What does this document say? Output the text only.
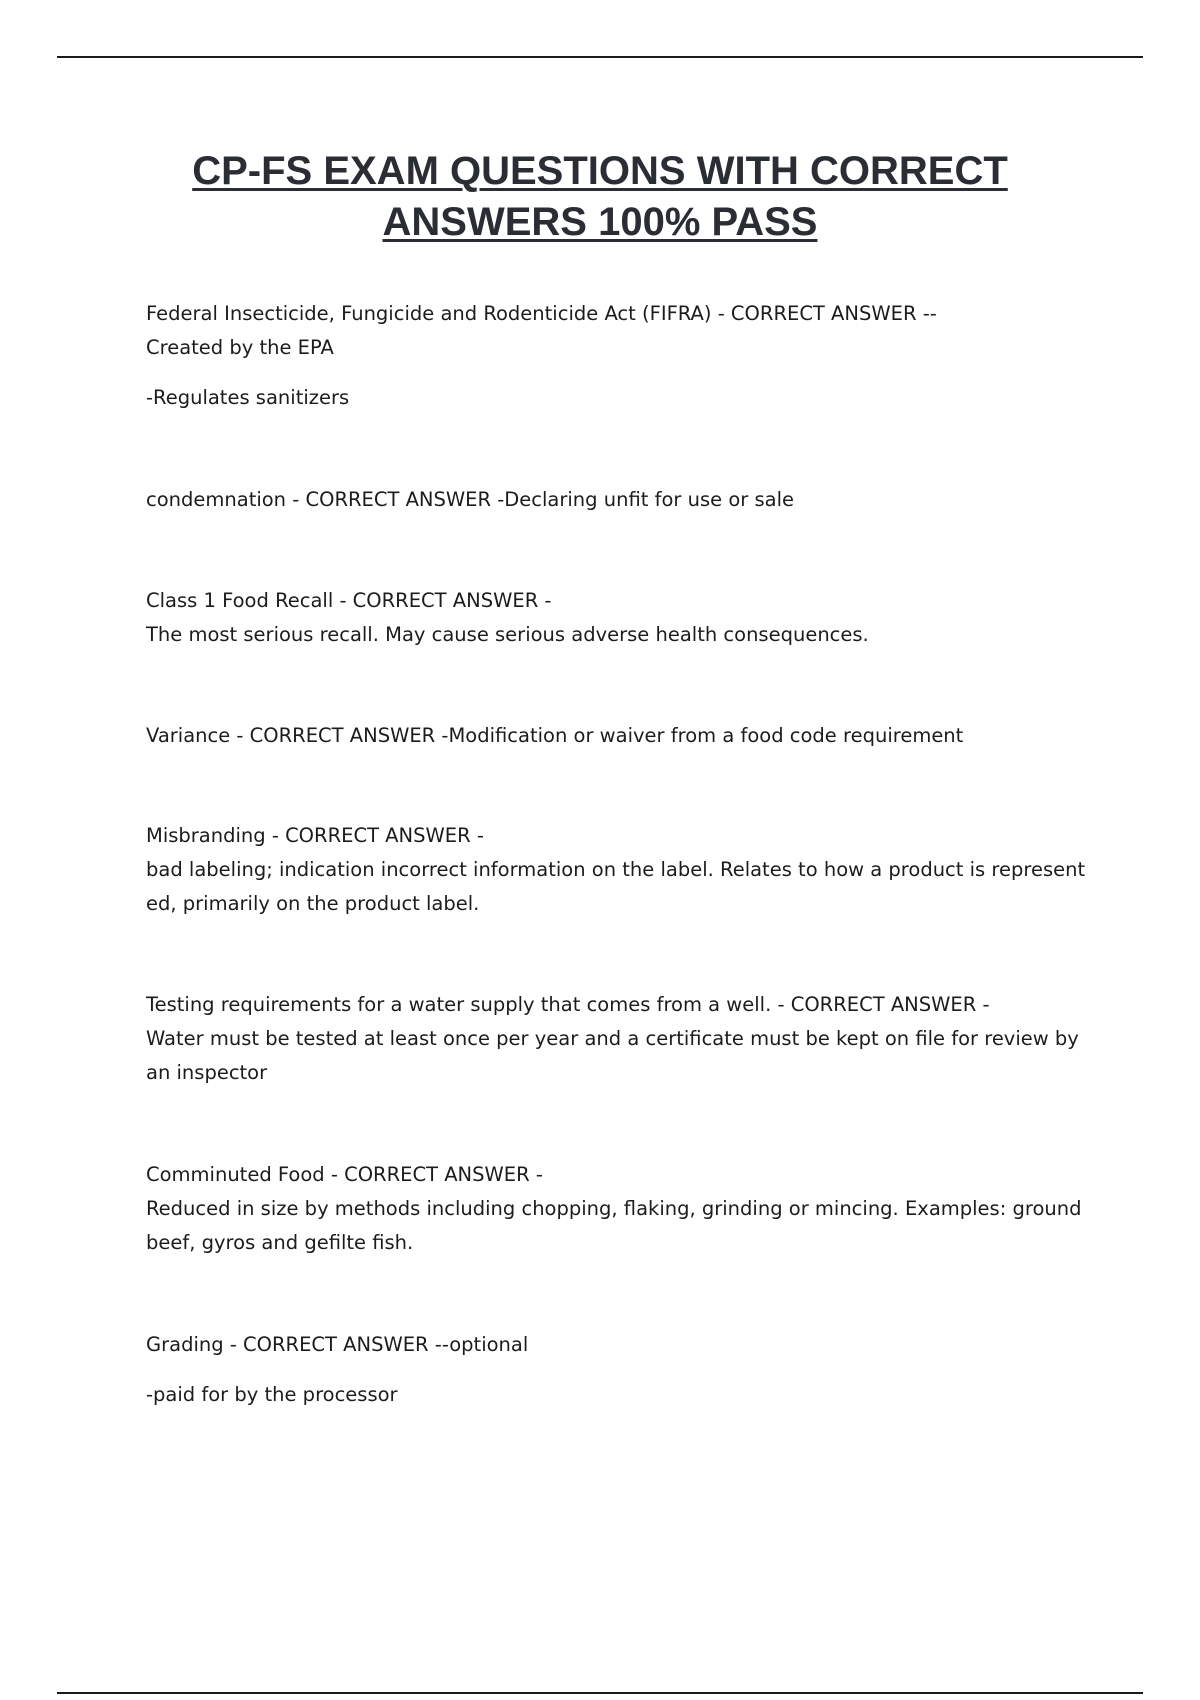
CP-FS EXAM QUESTIONS WITH CORRECT
ANSWERS 100% PASS
Federal Insecticide, Fungicide and Rodenticide Act (FIFRA) - CORRECT ANSWER --
Created by the EPA
-Regulates sanitizers
condemnation - CORRECT ANSWER -Declaring unfit for use or sale
Class 1 Food Recall - CORRECT ANSWER -
The most serious recall. May cause serious adverse health consequences.
Variance - CORRECT ANSWER -Modification or waiver from a food code requirement
Misbranding - CORRECT ANSWER -
bad labeling; indication incorrect information on the label. Relates to how a product is represent
ed, primarily on the product label.
Testing requirements for a water supply that comes from a well. - CORRECT ANSWER -
Water must be tested at least once per year and a certificate must be kept on file for review by
an inspector
Comminuted Food - CORRECT ANSWER -
Reduced in size by methods including chopping, flaking, grinding or mincing. Examples: ground
beef, gyros and gefilte fish.
Grading - CORRECT ANSWER --optional
-paid for by the processor
